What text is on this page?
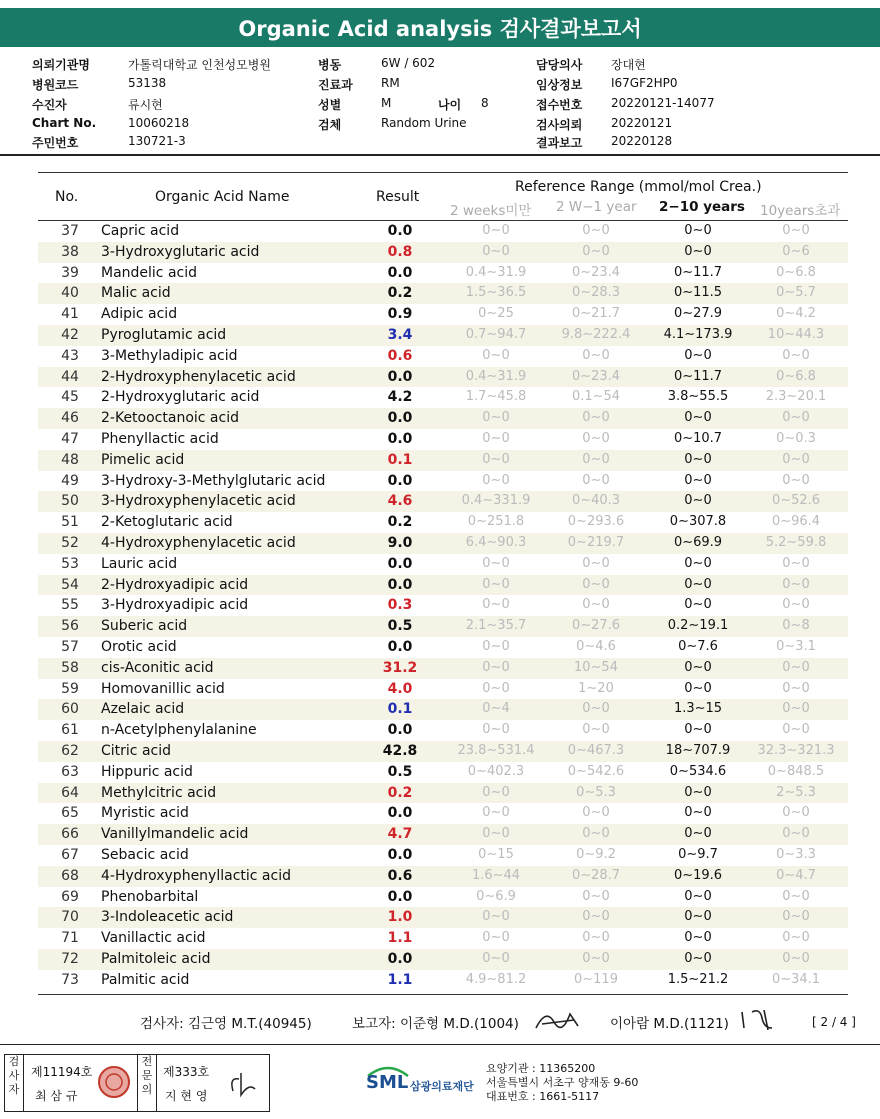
Organic Acid analysis 검사결과보고서
의뢰기관명	가톨릭대학교 인천성모병원	병동	6W / 602	담당의사 장대현
병원코드	53138	진료과 RM	임상정보 I67GF2HP0
수진자	류시현	성별	M	나이 8	접수번호 20220121-14077
Chart No.	10060218	검체	Random Urine	검사의뢰 20220121
주민번호	130721-3	결과보고 20220128
No.	Organic Acid Name	Result
Reference Range (mmol/mol Crea.)
2 weeks미만 2 W−1 year 2−10 years 10years초과
37	Capric acid	0.0	0∼0	0∼0	0∼0	0∼0
38	3-Hydroxyglutaric acid	0.8	0∼0	0∼0	0∼0	0∼6
39	Mandelic acid	0.0	0.4∼31.9	0∼23.4	0∼11.7	0∼6.8
40	Malic acid	0.2	1.5∼36.5	0∼28.3	0∼11.5	0∼5.7
41	Adipic acid	0.9	0∼25	0∼21.7	0∼27.9	0∼4.2
42	Pyroglutamic acid	3.4	0.7∼94.7	9.8∼222.4	4.1∼173.9	10∼44.3
43	3-Methyladipic acid	0.6	0∼0	0∼0	0∼0	0∼0
44	2-Hydroxyphenylacetic acid	0.0	0.4∼31.9	0∼23.4	0∼11.7	0∼6.8
45	2-Hydroxyglutaric acid	4.2	1.7∼45.8	0.1∼54	3.8∼55.5	2.3∼20.1
46	2-Ketooctanoic acid	0.0	0∼0	0∼0	0∼0	0∼0
47	Phenyllactic acid	0.0	0∼0	0∼0	0∼10.7	0∼0.3
48	Pimelic acid	0.1	0∼0	0∼0	0∼0	0∼0
49	3-Hydroxy-3-Methylglutaric acid	0.0	0∼0	0∼0	0∼0	0∼0
50	3-Hydroxyphenylacetic acid	4.6	0.4∼331.9	0∼40.3	0∼0	0∼52.6
51	2-Ketoglutaric acid	0.2	0∼251.8	0∼293.6	0∼307.8	0∼96.4
52	4-Hydroxyphenylacetic acid	9.0	6.4∼90.3	0∼219.7	0∼69.9	5.2∼59.8
53	Lauric acid	0.0	0∼0	0∼0	0∼0	0∼0
54	2-Hydroxyadipic acid	0.0	0∼0	0∼0	0∼0	0∼0
55	3-Hydroxyadipic acid	0.3	0∼0	0∼0	0∼0	0∼0
56	Suberic acid	0.5	2.1∼35.7	0∼27.6	0.2∼19.1	0∼8
57	Orotic acid	0.0	0∼0	0∼4.6	0∼7.6	0∼3.1
58	cis-Aconitic acid	31.2	0∼0	10∼54	0∼0	0∼0
59	Homovanillic acid	4.0	0∼0	1∼20	0∼0	0∼0
60	Azelaic acid	0.1	0∼4	0∼0	1.3∼15	0∼0
61	n-Acetylphenylalanine	0.0	0∼0	0∼0	0∼0	0∼0
62	Citric acid	42.8	23.8∼531.4	0∼467.3	18∼707.9	32.3∼321.3
63	Hippuric acid	0.5	0∼402.3	0∼542.6	0∼534.6	0∼848.5
64	Methylcitric acid	0.2	0∼0	0∼5.3	0∼0	2∼5.3
65	Myristic acid	0.0	0∼0	0∼0	0∼0	0∼0
66	Vanillylmandelic acid	4.7	0∼0	0∼0	0∼0	0∼0
67	Sebacic acid	0.0	0∼15	0∼9.2	0∼9.7	0∼3.3
68	4-Hydroxyphenyllactic acid	0.6	1.6∼44	0∼28.7	0∼19.6	0∼4.7
69	Phenobarbital	0.0	0∼6.9	0∼0	0∼0	0∼0
70	3-Indoleacetic acid	1.0	0∼0	0∼0	0∼0	0∼0
71	Vanillactic acid	1.1	0∼0	0∼0	0∼0	0∼0
72	Palmitoleic acid	0.0	0∼0	0∼0	0∼0	0∼0
73	Palmitic acid	1.1	4.9∼81.2	0∼119	1.5∼21.2	0∼34.1
검사자: 김근영 M.T.(40945)	보고자: 이준형 M.D.(1004)	이아람 M.D.(1121)	[ 2 / 4 ]
검사자
제11194호
최 삼 규
전문의
제333호
지 현 영
SML 삼광의료재단
요양기관 : 11365200
서울특별시 서초구 양재동 9-60
대표번호 : 1661-5117
